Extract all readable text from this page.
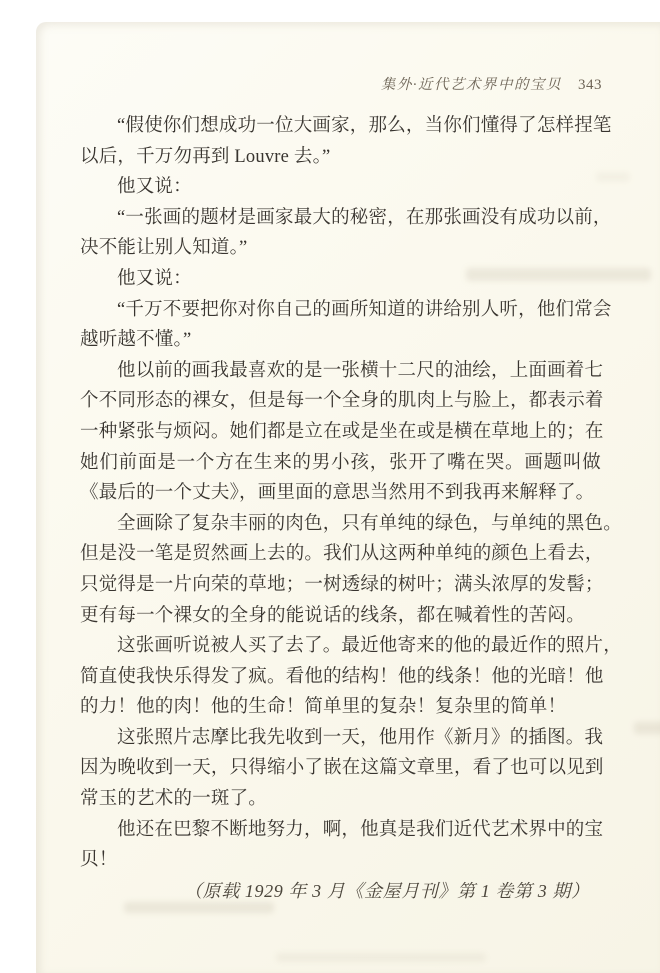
集外·近代艺术界中的宝贝 343
“假使你们想成功一位大画家，那么，当你们懂得了怎样捏笔
以后，千万勿再到 Louvre 去。”
他又说：
“一张画的题材是画家最大的秘密，在那张画没有成功以前，
决不能让别人知道。”
他又说：
“千万不要把你对你自己的画所知道的讲给别人听，他们常会
越听越不懂。”
他以前的画我最喜欢的是一张横十二尺的油绘，上面画着七
个不同形态的裸女，但是每一个全身的肌肉上与脸上，都表示着
一种紧张与烦闷。她们都是立在或是坐在或是横在草地上的；在
她们前面是一个方在生来的男小孩，张开了嘴在哭。画题叫做
《最后的一个丈夫》，画里面的意思当然用不到我再来解释了。
全画除了复杂丰丽的肉色，只有单纯的绿色，与单纯的黑色。
但是没一笔是贸然画上去的。我们从这两种单纯的颜色上看去，
只觉得是一片向荣的草地；一树透绿的树叶；满头浓厚的发髻；
更有每一个裸女的全身的能说话的线条，都在喊着性的苦闷。
这张画听说被人买了去了。最近他寄来的他的最近作的照片，
简直使我快乐得发了疯。看他的结构！他的线条！他的光暗！他
的力！他的肉！他的生命！简单里的复杂！复杂里的简单！
这张照片志摩比我先收到一天，他用作《新月》的插图。我
因为晚收到一天，只得缩小了嵌在这篇文章里，看了也可以见到
常玉的艺术的一斑了。
他还在巴黎不断地努力，啊，他真是我们近代艺术界中的宝
贝！
（原载 1929 年 3 月《金屋月刊》第 1 卷第 3 期）
